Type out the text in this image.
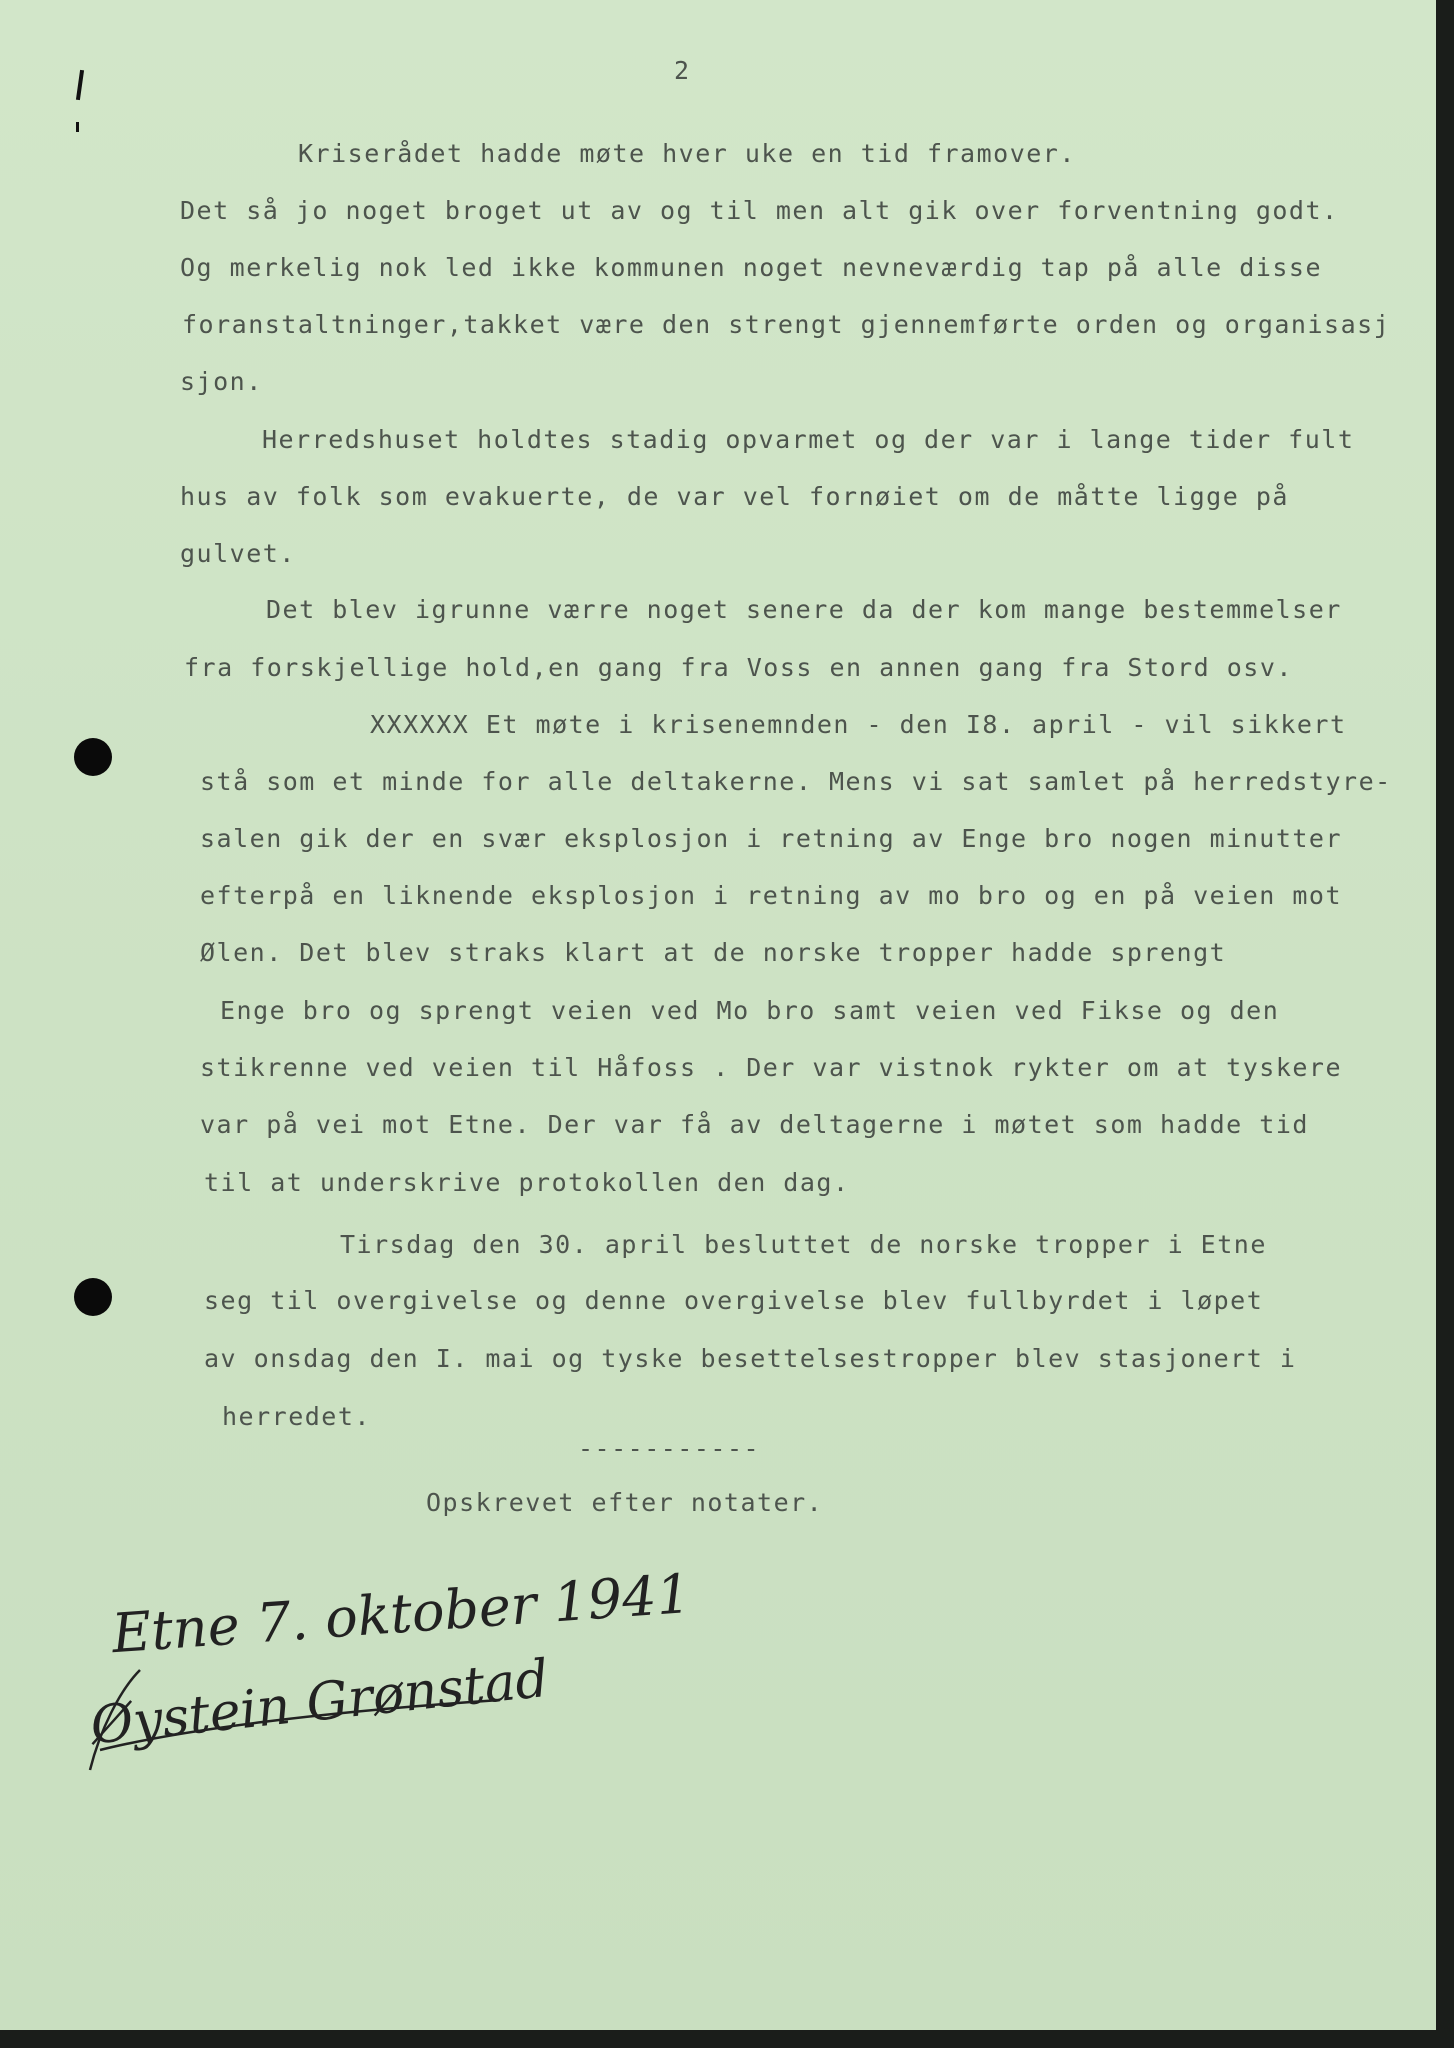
2
Kriserådet hadde møte hver uke en tid framover.
Det så jo noget broget ut av og til men alt gik over forventning godt.
Og merkelig nok led ikke kommunen noget nevneværdig tap på alle disse
foranstaltninger,takket være den strengt gjennemførte orden og organisasj
sjon.
Herredshuset holdtes stadig opvarmet og der var i lange tider fult
hus av folk som evakuerte, de var vel fornøiet om de måtte ligge på
gulvet.
Det blev igrunne værre noget senere da der kom mange bestemmelser
fra forskjellige hold,en gang fra Voss en annen gang fra Stord osv.
XXXXXX Et møte i krisenemnden - den I8. april - vil sikkert
stå som et minde for alle deltakerne. Mens vi sat samlet på herredstyre-
salen gik der en svær eksplosjon i retning av Enge bro nogen minutter
efterpå en liknende eksplosjon i retning av mo bro og en på veien mot
Ølen. Det blev straks klart at de norske tropper hadde sprengt
Enge bro og sprengt veien ved Mo bro samt veien ved Fikse og den
stikrenne ved veien til Håfoss . Der var vistnok rykter om at tyskere
var på vei mot Etne. Der var få av deltagerne i møtet som hadde tid
til at underskrive protokollen den dag.
Tirsdag den 30. april besluttet de norske tropper i Etne
seg til overgivelse og denne overgivelse blev fullbyrdet i løpet
av onsdag den I. mai og tyske besettelsestropper blev stasjonert i
herredet.
-----------
Opskrevet efter notater.
Etne 7. oktober 1941
Øystein Grønstad
